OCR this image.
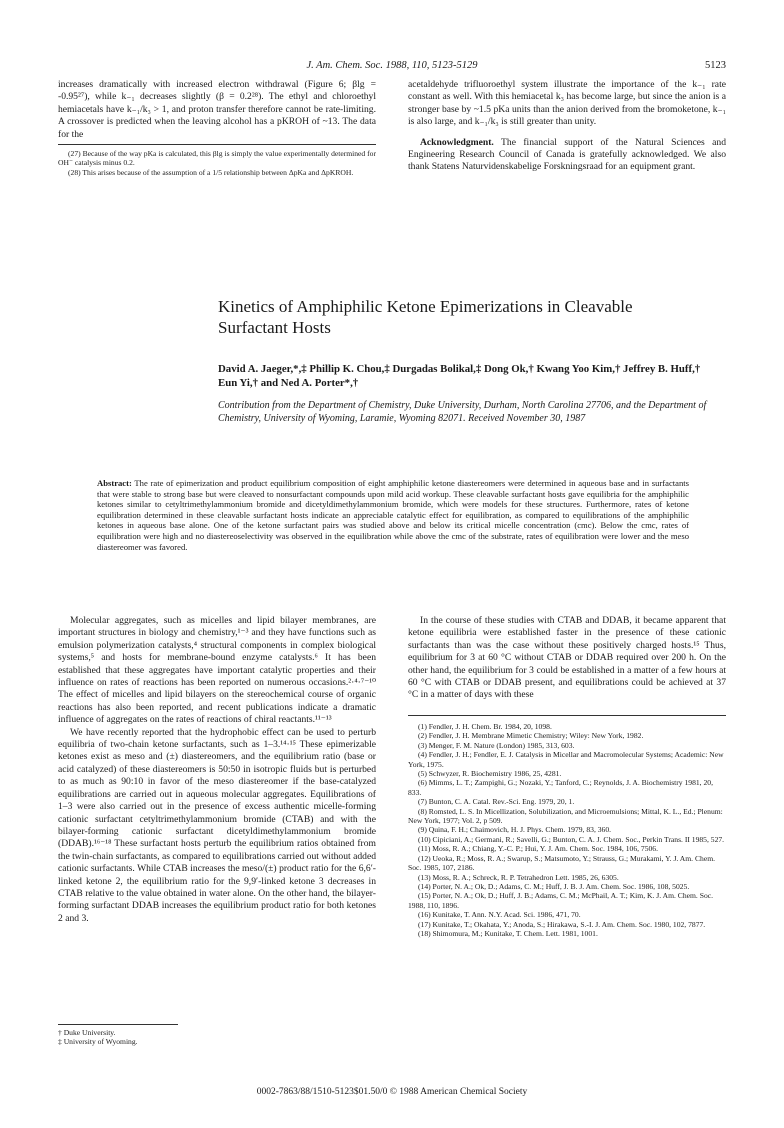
J. Am. Chem. Soc. 1988, 110, 5123-5129	5123

increases dramatically with increased electron withdrawal (Figure 6; βlg = -0.95²⁷), while k₋₁ decreases slightly (β = 0.2²⁸). The ethyl and chloroethyl hemiacetals have k₋₁/k₃ > 1, and proton transfer therefore cannot be rate-limiting. A crossover is predicted when the leaving alcohol has a pKROH of ~13. The data for the

(27) Because of the way pKa is calculated, this βlg is simply the value experimentally determined for OH⁻ catalysis minus 0.2.

(28) This arises because of the assumption of a 1/5 relationship between ΔpKa and ΔpKROH.

acetaldehyde trifluoroethyl system illustrate the importance of the k₋₁ rate constant as well. With this hemiacetal k₃ has become large, but since the anion is a stronger base by ~1.5 pKa units than the anion derived from the bromoketone, k₋₁ is also large, and k₋₁/k₃ is still greater than unity.

Acknowledgment. The financial support of the Natural Sciences and Engineering Research Council of Canada is gratefully acknowledged. We also thank Statens Naturvidenskabelige Forskningsraad for an equipment grant.

Kinetics of Amphiphilic Ketone Epimerizations in Cleavable Surfactant Hosts
David A. Jaeger,*,‡ Phillip K. Chou,‡ Durgadas Bolikal,‡ Dong Ok,† Kwang Yoo Kim,† Jeffrey B. Huff,† Eun Yi,† and Ned A. Porter*,†
Contribution from the Department of Chemistry, Duke University, Durham, North Carolina 27706, and the Department of Chemistry, University of Wyoming, Laramie, Wyoming 82071. Received November 30, 1987
Abstract: The rate of epimerization and product equilibrium composition of eight amphiphilic ketone diastereomers were determined in aqueous base and in surfactants that were stable to strong base but were cleaved to nonsurfactant compounds upon mild acid workup. These cleavable surfactant hosts gave equilibria for the amphiphilic ketones similar to cetyltrimethylammonium bromide and dicetyldimethylammonium bromide, which were models for these structures. Furthermore, rates of ketone equilibration determined in these cleavable surfactant hosts indicate an appreciable catalytic effect for equilibration, as compared to equilibrations of the amphiphilic ketones in aqueous base alone. One of the ketone surfactant pairs was studied above and below its critical micelle concentration (cmc). Below the cmc, rates of equilibration were high and no diastereoselectivity was observed in the equilibration while above the cmc of the substrate, rates of equilibration were lower and the meso diastereomer was favored.

Molecular aggregates, such as micelles and lipid bilayer membranes, are important structures in biology and chemistry,¹⁻³ and they have functions such as emulsion polymerization catalysts,⁴ structural components in complex biological systems,⁵ and hosts for membrane-bound enzyme catalysts.⁶ It has been established that these aggregates have important catalytic properties and their influence on rates of reactions has been reported on numerous occasions.²·⁴·⁷⁻¹⁰ The effect of micelles and lipid bilayers on the stereochemical course of organic reactions has also been reported, and recent publications indicate a dramatic influence of aggregates on the rates of reactions of chiral reactants.¹¹⁻¹³

We have recently reported that the hydrophobic effect can be used to perturb equilibria of two-chain ketone surfactants, such as 1–3.¹⁴·¹⁵ These epimerizable ketones exist as meso and (±) diastereomers, and the equilibrium ratio (base or acid catalyzed) of these diastereomers is 50:50 in isotropic fluids but is perturbed to as much as 90:10 in favor of the meso diastereomer if the base-catalyzed equilibrations are carried out in aqueous molecular aggregates. Equilibrations of 1–3 were also carried out in the presence of excess authentic micelle-forming cationic surfactant cetyltrimethylammonium bromide (CTAB) and with the bilayer-forming cationic surfactant dicetyldimethylammonium bromide (DDAB).¹⁶⁻¹⁸ These surfactant hosts perturb the equilibrium ratios obtained from the twin-chain surfactants, as compared to equilibrations carried out without added cationic surfactants. While CTAB increases the meso/(±) product ratio for the 6,6′-linked ketone 2, the equilibrium ratio for the 9,9′-linked ketone 3 decreases in CTAB relative to the value obtained in water alone. On the other hand, the bilayer-forming surfactant DDAB increases the equilibrium product ratio for both ketones 2 and 3.

† Duke University.
‡ University of Wyoming.

In the course of these studies with CTAB and DDAB, it became apparent that ketone equilibria were established faster in the presence of these cationic surfactants than was the case without these positively charged hosts.¹⁵ Thus, equilibrium for 3 at 60 °C without CTAB or DDAB required over 200 h. On the other hand, the equilibrium for 3 could be established in a matter of a few hours at 60 °C with CTAB or DDAB present, and equilibrations could be achieved at 37 °C in a matter of days with these

(1) Fendler, J. H. Chem. Br. 1984, 20, 1098.
(2) Fendler, J. H. Membrane Mimetic Chemistry; Wiley: New York, 1982.
(3) Menger, F. M. Nature (London) 1985, 313, 603.
(4) Fendler, J. H.; Fendler, E. J. Catalysis in Micellar and Macromolecular Systems; Academic: New York, 1975.
(5) Schwyzer, R. Biochemistry 1986, 25, 4281.
(6) Mimms, L. T.; Zampighi, G.; Nozaki, Y.; Tanford, C.; Reynolds, J. A. Biochemistry 1981, 20, 833.
(7) Bunton, C. A. Catal. Rev.-Sci. Eng. 1979, 20, 1.
(8) Romsted, L. S. In Micellization, Solubilization, and Microemulsions; Mittal, K. L., Ed.; Plenum: New York, 1977; Vol. 2, p 509.
(9) Quina, F. H.; Chaimovich, H. J. Phys. Chem. 1979, 83, 360.
(10) Cipiciani, A.; Germani, R.; Savelli, G.; Bunton, C. A. J. Chem. Soc., Perkin Trans. II 1985, 527.
(11) Moss, R. A.; Chiang, Y.-C. P.; Hui, Y. J. Am. Chem. Soc. 1984, 106, 7506.
(12) Ueoka, R.; Moss, R. A.; Swarup, S.; Matsumoto, Y.; Strauss, G.; Murakami, Y. J. Am. Chem. Soc. 1985, 107, 2186.
(13) Moss, R. A.; Schreck, R. P. Tetrahedron Lett. 1985, 26, 6305.
(14) Porter, N. A.; Ok, D.; Adams, C. M.; Huff, J. B. J. Am. Chem. Soc. 1986, 108, 5025.
(15) Porter, N. A.; Ok, D.; Huff, J. B.; Adams, C. M.; McPhail, A. T.; Kim, K. J. Am. Chem. Soc. 1988, 110, 1896.
(16) Kunitake, T. Ann. N.Y. Acad. Sci. 1986, 471, 70.
(17) Kunitake, T.; Okahata, Y.; Anoda, S.; Hirakawa, S.-I. J. Am. Chem. Soc. 1980, 102, 7877.
(18) Shimomura, M.; Kunitake, T. Chem. Lett. 1981, 1001.
0002-7863/88/1510-5123$01.50/0 © 1988 American Chemical Society
